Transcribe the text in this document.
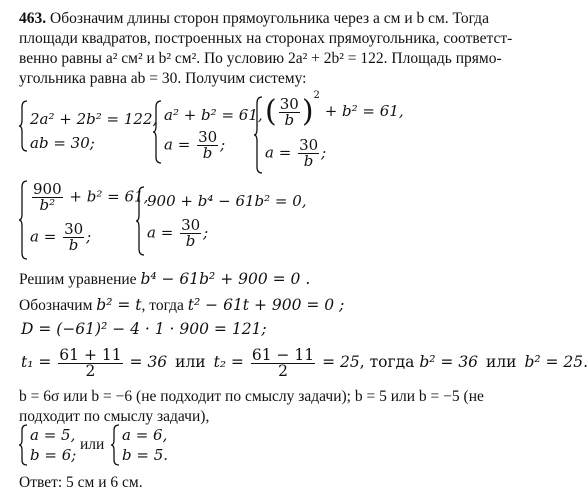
463. Обозначим длины сторон прямоугольника через a см и b см. Тогда
площади квадратов, построенных на сторонах прямоугольника, соответст-
венно равны a² см² и b² см². По условию 2a² + 2b² = 122. Площадь прямо-
угольника равна ab = 30. Получим систему:
2a² + 2b² = 122,
ab = 30;
a² + b² = 61,
$a = \frac{30}{b}$ ;
( $\frac{30}{b} )^2 + b^2 = 61$,
$a = \frac{30}{b}$ ;
$\frac{900}{\text{b²}} + b^2 = 61$,
$a = \frac{30}{b}$ ;
900 + b⁴ − 61b² = 0,
$a = \frac{30}{b}$ ;
Решим уравнение b⁴ − 61b² + 900 = 0 .
Обозначим b² = t, тогда t² − 61t + 900 = 0 ;
D = (−61)² − 4 · 1 · 900 = 121;
$t_1 = \frac{61 + 11}{2} = 36$ или $t_2 = \frac{61 - 11}{2} = 25$, тогда b² = 36 или b² = 25.
b = 6σ или b = −6 (не подходит по смыслу задачи); b = 5 или b = −5 (не
подходит по смыслу задачи),
a = 5,
b = 6;
или
a = 6,
b = 5.
Ответ: 5 см и 6 см.
